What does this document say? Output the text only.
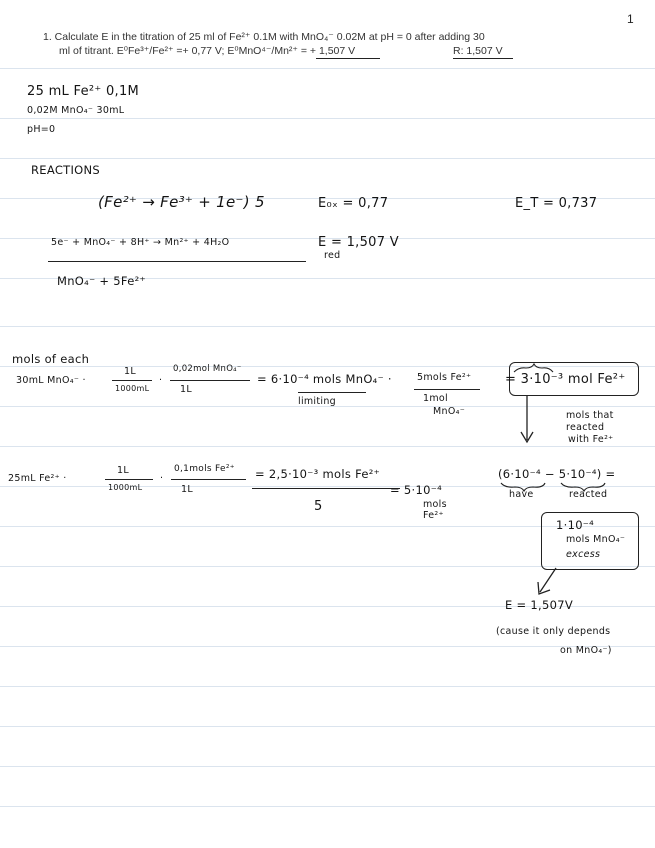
1
1. Calculate E in the titration of 25 ml of Fe²⁺ 0.1M with MnO₄⁻ 0.02M at pH = 0 after adding 30
ml of titrant. E⁰Fe³⁺/Fe²⁺ =+ 0,77 V; E⁰MnO⁴⁻/Mn²⁺ = + 1,507 V	R: 1,507 V
25 mL Fe²⁺ 0,1M
0,02M MnO₄⁻ 30mL
pH=0
REACTIONS
(Fe²⁺ → Fe³⁺ + 1e⁻) 5	E₀ₓ = 0,77	E_T = 0,737
5e⁻ + MnO₄⁻ + 8H⁺ → Mn²⁺ + 4H₂O	E = 1,507 V
red
MnO₄⁻ + 5Fe²⁺
mols of each
30mL MnO₄⁻ ·
1L
1000mL
·
0,02mol MnO₄⁻
1L
= 6·10⁻⁴ mols MnO₄⁻ ·
limiting
5mols Fe²⁺
1mol
MnO₄⁻
= 3·10⁻³ mol Fe²⁺
mols that
reacted
with Fe²⁺
25mL Fe²⁺ ·
1L
1000mL
·
0,1mols Fe²⁺
1L
= 2,5·10⁻³ mols Fe²⁺
5
= 5·10⁻⁴
mols
Fe²⁺
(6·10⁻⁴ − 5·10⁻⁴) =
have	reacted
1·10⁻⁴
mols MnO₄⁻
excess
E = 1,507V
(cause it only depends
on MnO₄⁻)
